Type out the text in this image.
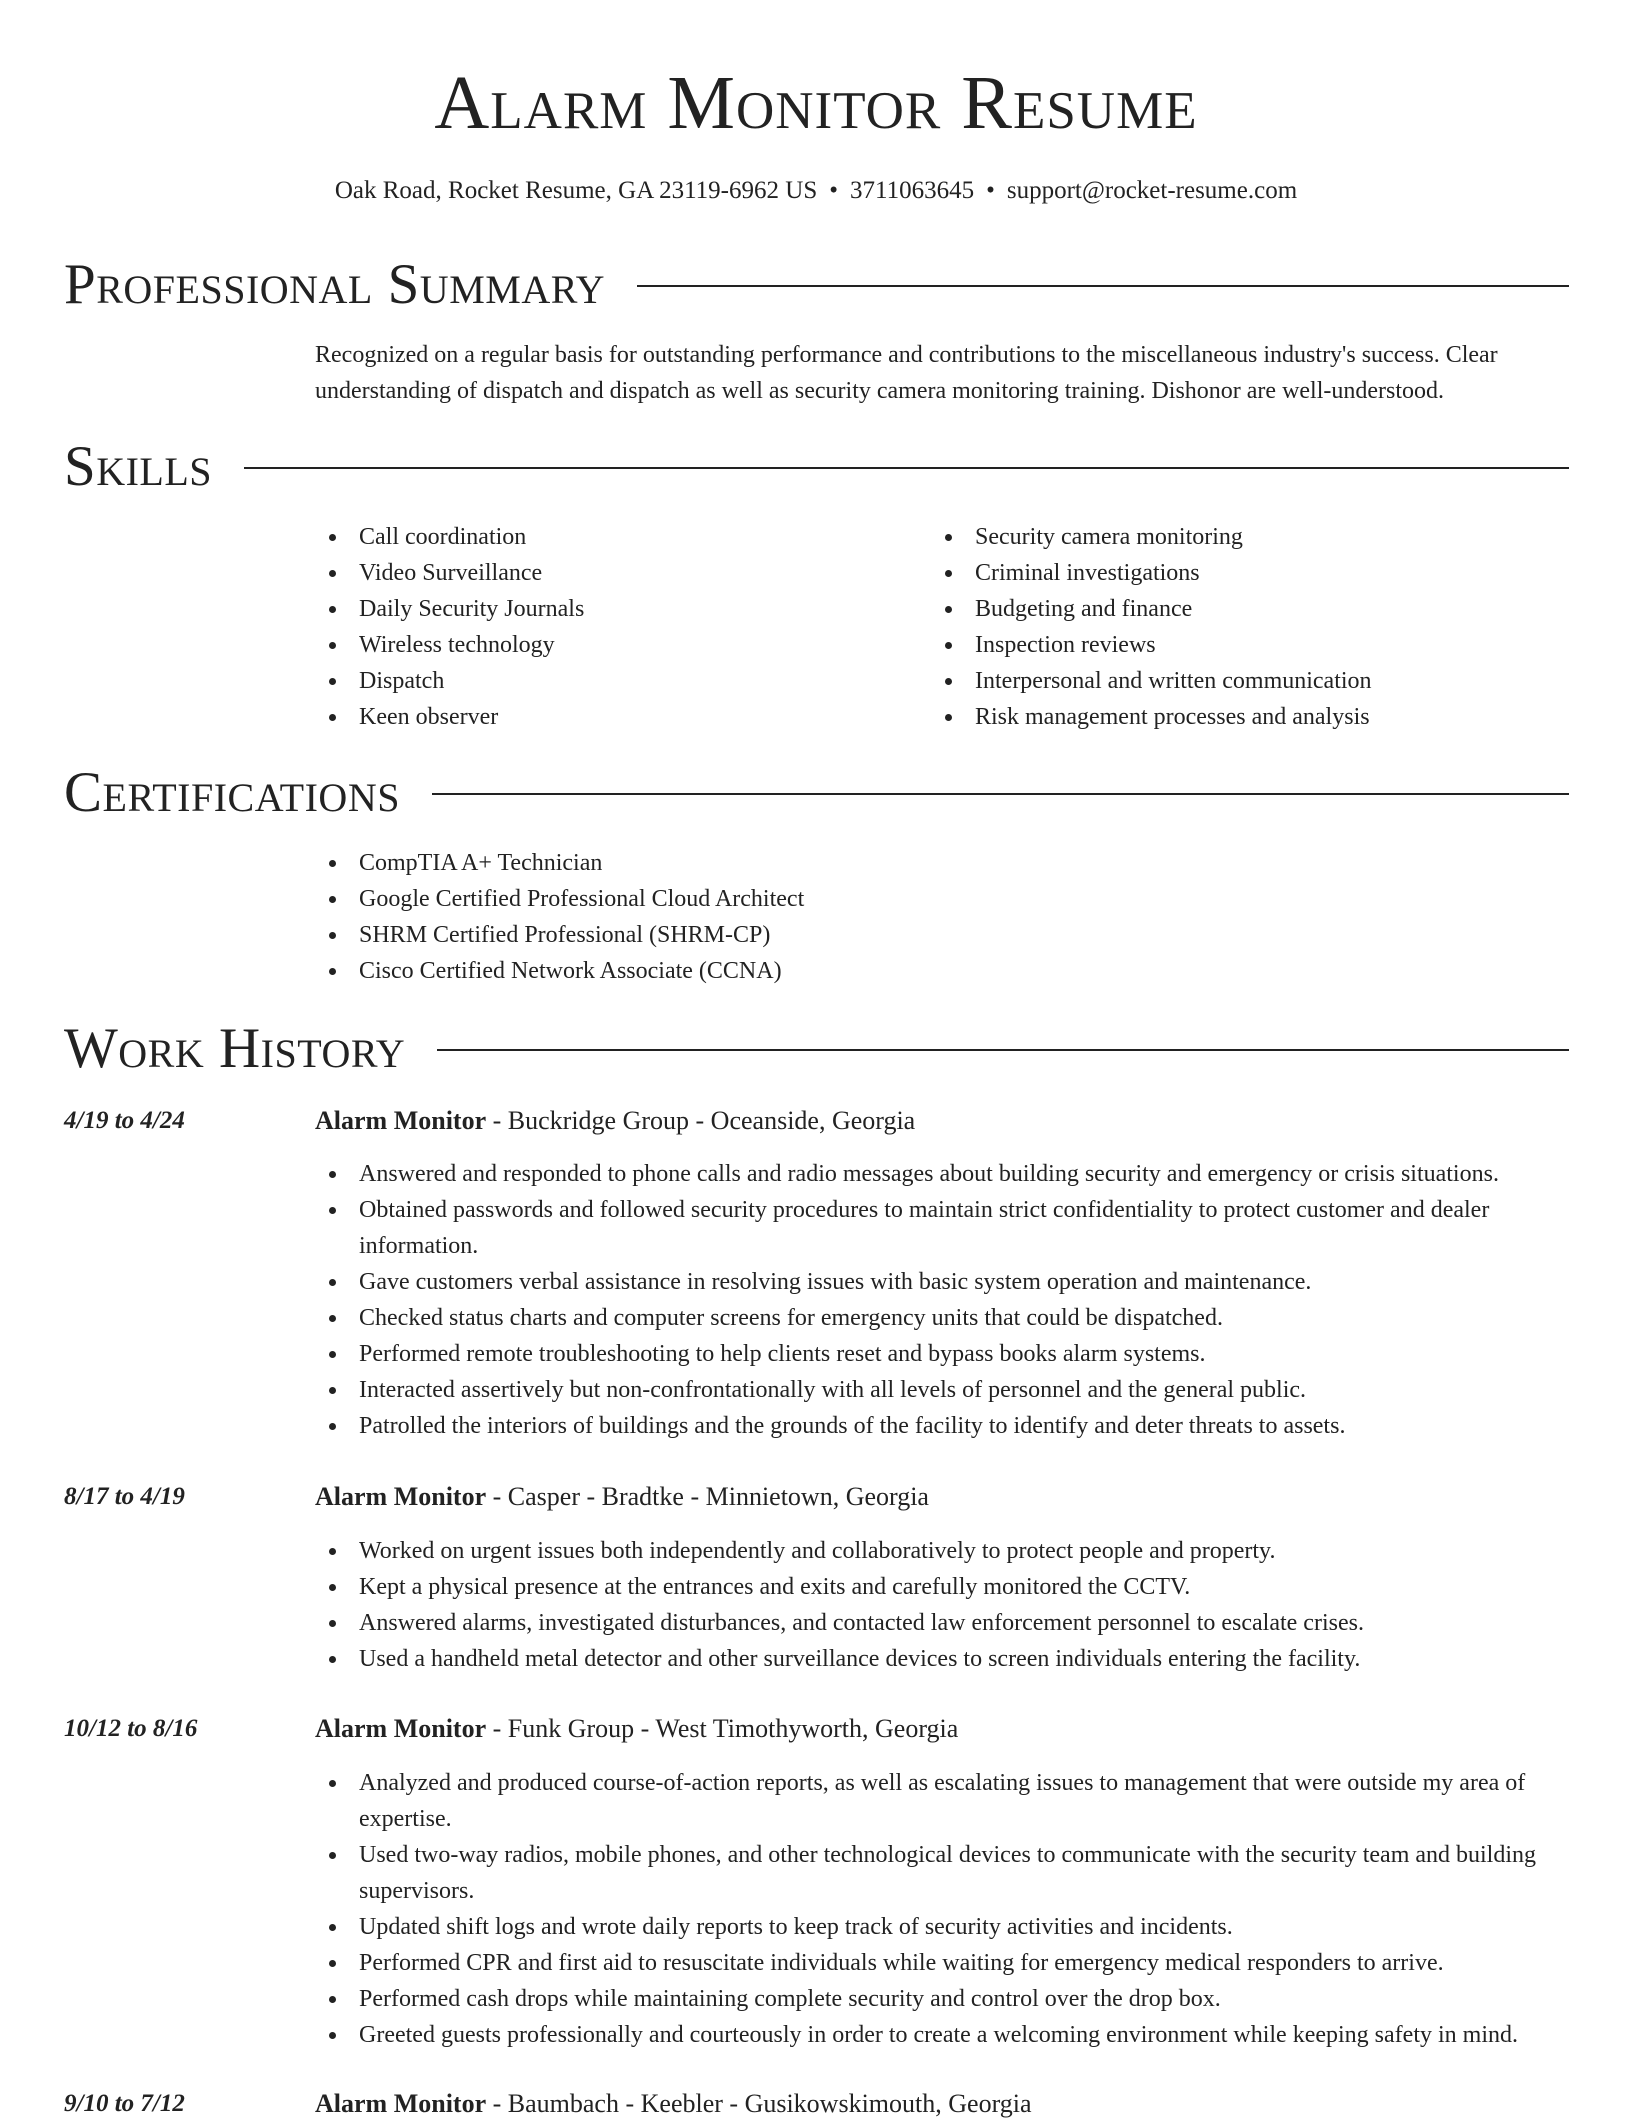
Alarm Monitor Resume

Oak Road, Rocket Resume, GA 23119-6962 US • 3711063645 • support@rocket-resume.com

Professional Summary

Recognized on a regular basis for outstanding performance and contributions to the miscellaneous industry's success. Clear understanding of dispatch and dispatch as well as security camera monitoring training. Dishonor are well-understood.

Skills
Call coordination
Video Surveillance
Daily Security Journals
Wireless technology
Dispatch
Keen observer
Security camera monitoring
Criminal investigations
Budgeting and finance
Inspection reviews
Interpersonal and written communication
Risk management processes and analysis
Certifications
CompTIA A+ Technician
Google Certified Professional Cloud Architect
SHRM Certified Professional (SHRM-CP)
Cisco Certified Network Associate (CCNA)
Work History

4/19 to 4/24	Alarm Monitor - Buckridge Group - Oceanside, Georgia

Answered and responded to phone calls and radio messages about building security and emergency or crisis situations.
Obtained passwords and followed security procedures to maintain strict confidentiality to protect customer and dealer information.
Gave customers verbal assistance in resolving issues with basic system operation and maintenance.
Checked status charts and computer screens for emergency units that could be dispatched.
Performed remote troubleshooting to help clients reset and bypass books alarm systems.
Interacted assertively but non-confrontationally with all levels of personnel and the general public.
Patrolled the interiors of buildings and the grounds of the facility to identify and deter threats to assets.

8/17 to 4/19	Alarm Monitor - Casper - Bradtke - Minnietown, Georgia

Worked on urgent issues both independently and collaboratively to protect people and property.
Kept a physical presence at the entrances and exits and carefully monitored the CCTV.
Answered alarms, investigated disturbances, and contacted law enforcement personnel to escalate crises.
Used a handheld metal detector and other surveillance devices to screen individuals entering the facility.

10/12 to 8/16	Alarm Monitor - Funk Group - West Timothyworth, Georgia

Analyzed and produced course-of-action reports, as well as escalating issues to management that were outside my area of expertise.
Used two-way radios, mobile phones, and other technological devices to communicate with the security team and building supervisors.
Updated shift logs and wrote daily reports to keep track of security activities and incidents.
Performed CPR and first aid to resuscitate individuals while waiting for emergency medical responders to arrive.
Performed cash drops while maintaining complete security and control over the drop box.
Greeted guests professionally and courteously in order to create a welcoming environment while keeping safety in mind.

9/10 to 7/12	Alarm Monitor - Baumbach - Keebler - Gusikowskimouth, Georgia
